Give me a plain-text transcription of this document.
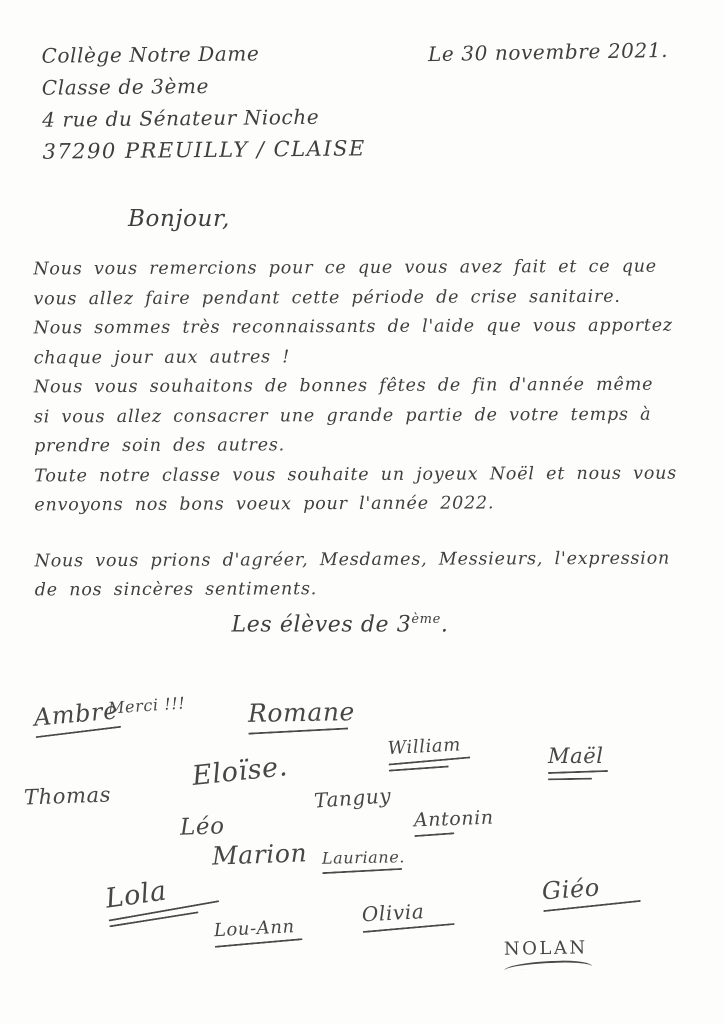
Collège Notre Dame
Classe de 3ème
4 rue du Sénateur Nioche
37290 PREUILLY / CLAISE
Le 30 novembre 2021.
Bonjour,

Nous vous remercions pour ce que vous avez fait et ce que vous allez faire pendant cette période de crise sanitaire.

Nous sommes très reconnaissants de l'aide que vous apportez chaque jour aux autres !

Nous vous souhaitons de bonnes fêtes de fin d'année même si vous allez consacrer une grande partie de votre temps à prendre soin des autres.

Toute notre classe vous souhaite un joyeux Noël et nous vous envoyons nos bons voeux pour l'année 2022.

Nous vous prions d'agréer, Mesdames, Messieurs, l'expression de nos sincères sentiments.

Les élèves de 3ème.
Ambre
Merci !!! Romane
William	Maël
Thomas
Eloïse.
Tanguy
Antonin
Léo
Marion Lauriane.
Lola
Lou-Ann
Olivia
Giéo
NOLAN
